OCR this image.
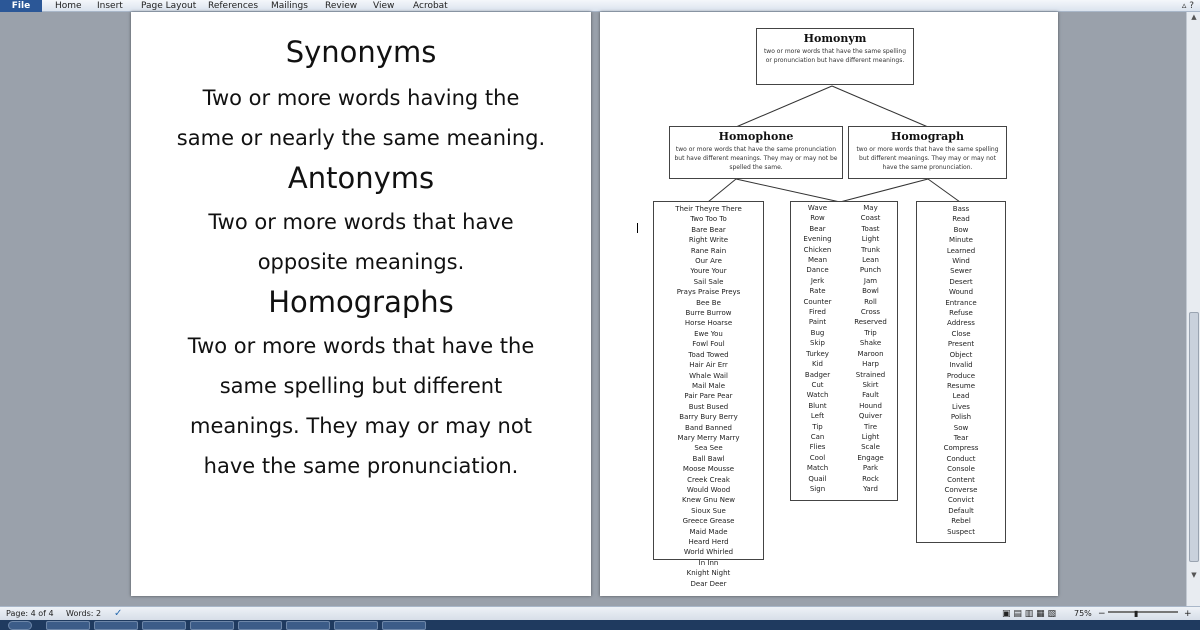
File	Home Insert Page Layout References Mailings Review View Acrobat	▵ ?
Synonyms
Two or more words having the
same or nearly the same meaning.
Antonyms
Two or more words that have
opposite meanings.
Homographs
Two or more words that have the
same spelling but different
meanings. They may or may not
have the same pronunciation.
Homonym
two or more words that have the same spelling or pronunciation but have different meanings.
Homophone
two or more words that have the same pronunciation but have different meanings. They may or may not be spelled the same.
Homograph
two or more words that have the same spelling but different meanings. They may or may not have the same pronunciation.
Their Theyre There
Two Too To
Bare Bear
Right Write
Rane Rain
Our Are
Youre Your
Sail Sale
Prays Praise Preys
Bee Be
Burre Burrow
Horse Hoarse
Ewe You
Fowl Foul
Toad Towed
Hair Air Err
Whale Wail
Mail Male
Pair Pare Pear
Bust Bused
Barry Bury Berry
Band Banned
Mary Merry Marry
Sea See
Ball Bawl
Moose Mousse
Creek Creak
Would Wood
Knew Gnu New
Sioux Sue
Greece Grease
Maid Made
Heard Herd
World Whirled
In Inn
Knight Night
Dear Deer
Wave
Row
Bear
Evening
Chicken
Mean
Dance
Jerk
Rate
Counter
Fired
Paint
Bug
Skip
Turkey
Kid
Badger
Cut
Watch
Blunt
Left
Tip
Can
Flies
Cool
Match
Quail
Sign
May
Coast
Toast
Light
Trunk
Lean
Punch
Jam
Bowl
Roll
Cross
Reserved
Trip
Shake
Maroon
Harp
Strained
Skirt
Fault
Hound
Quiver
Tire
Light
Scale
Engage
Park
Rock
Yard
Bass
Read
Bow
Minute
Learned
Wind
Sewer
Desert
Wound
Entrance
Refuse
Address
Close
Present
Object
Invalid
Produce
Resume
Lead
Lives
Polish
Sow
Tear
Compress
Conduct
Console
Content
Converse
Convict
Default
Rebel
Suspect
▲
▼
Page: 4 of 4 Words: 2 ✓	▣ ▤ ▥ ▦ ▧ 75% −	▮	+
